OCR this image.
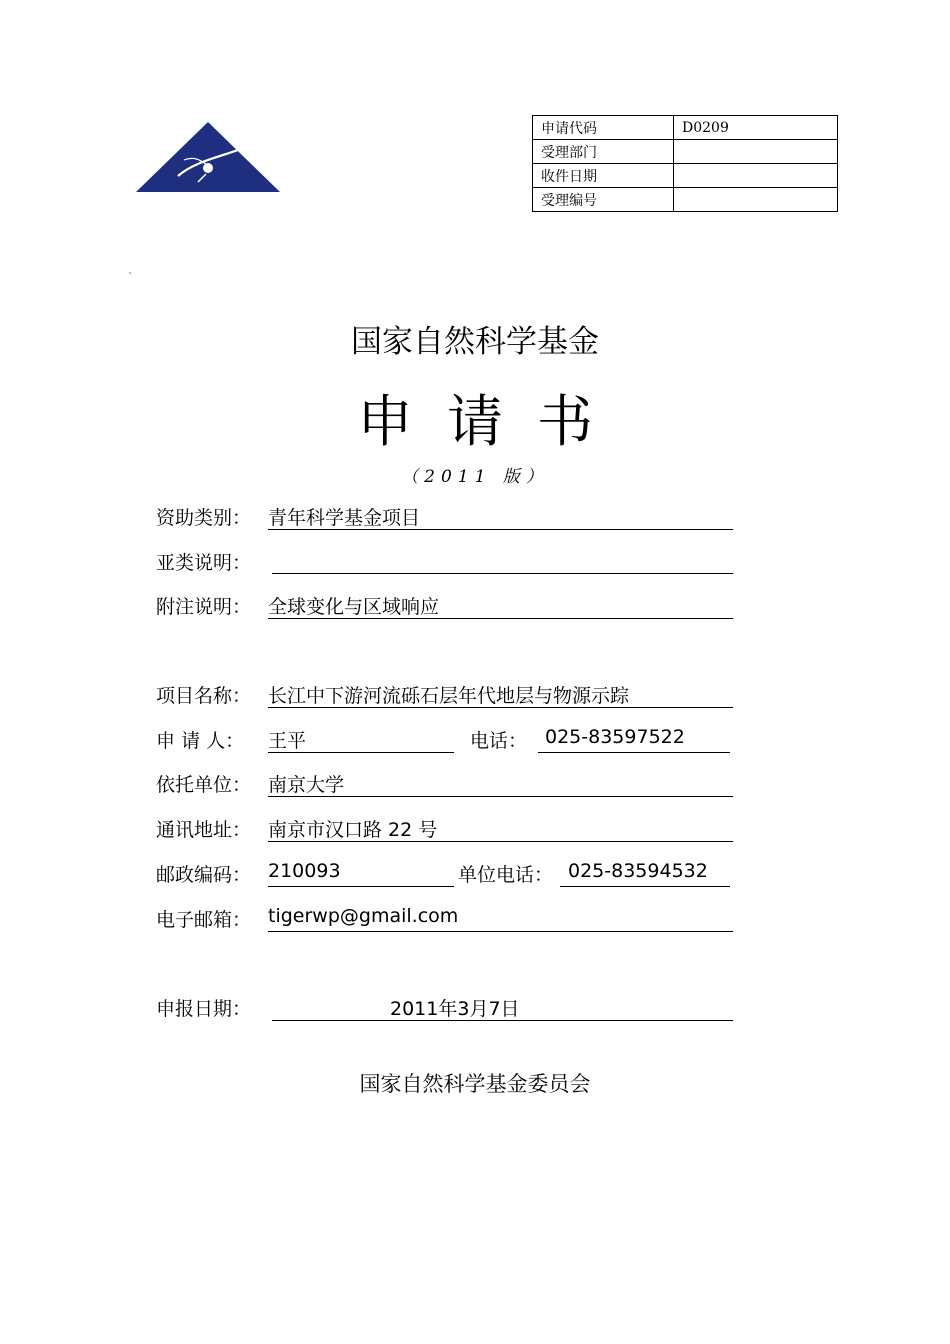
申请代码	D0209
受理部门	
收件日期	
受理编号	
国家自然科学基金
申请书
（2011 版）
资助类别： 青年科学基金项目
亚类说明：
附注说明： 全球变化与区域响应
项目名称： 长江中下游河流砾石层年代地层与物源示踪
申 请 人： 王平	电话： 025-83597522
依托单位： 南京大学
通讯地址： 南京市汉口路 22 号
邮政编码： 210093	单位电话： 025-83594532
电子邮箱： tigerwp@gmail.com
申报日期：	2011年3月7日
国家自然科学基金委员会
